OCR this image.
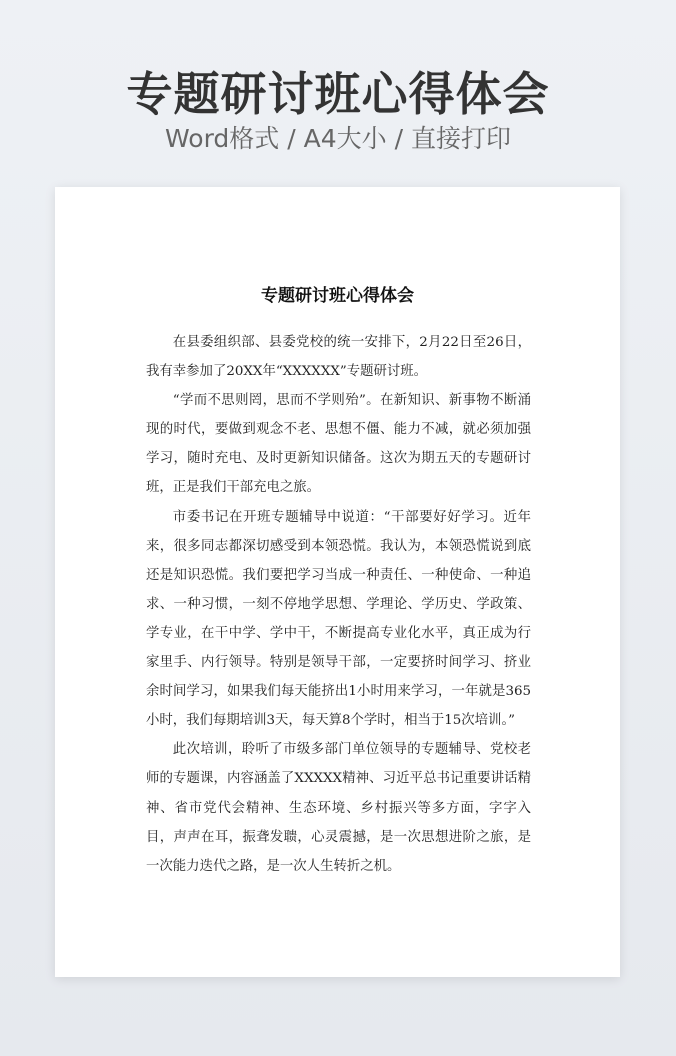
专题研讨班心得体会
Word格式 / A4大小 / 直接打印
专题研讨班心得体会

在县委组织部、县委党校的统一安排下，2月22日至26日，我有幸参加了20XX年“XXXXXX”专题研讨班。

“学而不思则罔，思而不学则殆”。在新知识、新事物不断涌现的时代，要做到观念不老、思想不僵、能力不减，就必须加强学习，随时充电、及时更新知识储备。这次为期五天的专题研讨班，正是我们干部充电之旅。

市委书记在开班专题辅导中说道：“干部要好好学习。近年来，很多同志都深切感受到本领恐慌。我认为，本领恐慌说到底还是知识恐慌。我们要把学习当成一种责任、一种使命、一种追求、一种习惯，一刻不停地学思想、学理论、学历史、学政策、学专业，在干中学、学中干，不断提高专业化水平，真正成为行家里手、内行领导。特别是领导干部，一定要挤时间学习、挤业余时间学习，如果我们每天能挤出1小时用来学习，一年就是365小时，我们每期培训3天，每天算8个学时，相当于15次培训。”

此次培训，聆听了市级多部门单位领导的专题辅导、党校老师的专题课，内容涵盖了XXXXX精神、习近平总书记重要讲话精神、省市党代会精神、生态环境、乡村振兴等多方面，字字入目，声声在耳，振聋发聩，心灵震撼，是一次思想进阶之旅，是一次能力迭代之路，是一次人生转折之机。
